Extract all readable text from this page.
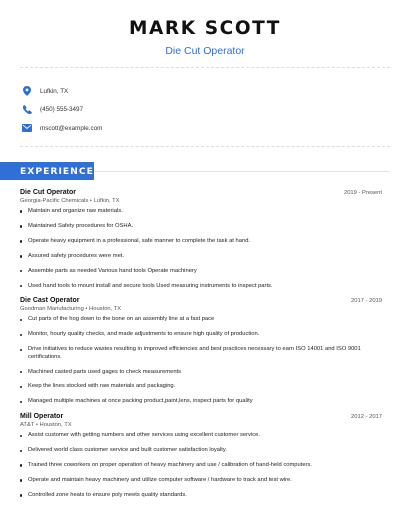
MARK SCOTT
Die Cut Operator
Lufkin, TX
(450) 555-3497
mscott@example.com
EXPERIENCE
Die Cut Operator	2019 - Present
Georgia-Pacific Chemicals • Lufkin, TX
Maintain and organize raw materials.
Maintained Safety procedures for OSHA.
Operate heavy equipment in a professional, safe manner to complete the task at hand.
Assured safety procedures were met.
Assemble parts as needed Various hand tools Operate machinery
Used hand tools to mount install and secure tools Used measuring instruments to inspect parts.
Die Cast Operator	2017 - 2019
Goodman Manufacturing • Houston, TX
Cut parts of the hog down to the bone on an assembly line at a fast pace
Monitor, hourly quality checks, and made adjustments to ensure high quality of production.
Drive initiatives to reduce wastes resulting in improved efficiencies and best practices necessary to earn ISO 14001 and ISO 9001 certifications.
Machined casted parts used gages to check measurements
Keep the lines stocked with raw materials and packaging.
Managed multiple machines at once packing product,paint,lens, inspect parts for quality
Mill Operator	2012 - 2017
AT&T • Houston, TX
Assist customer with getting numbers and other services using excellent customer service.
Delivered world class customer service and built customer satisfaction loyalty.
Trained three coworkers on proper operation of heavy machinery and use / calibration of hand-held computers.
Operate and maintain heavy machinery and utilize computer software / hardware to track and test wire.
Controlled zone heats to ensure poly meets quality standards.
